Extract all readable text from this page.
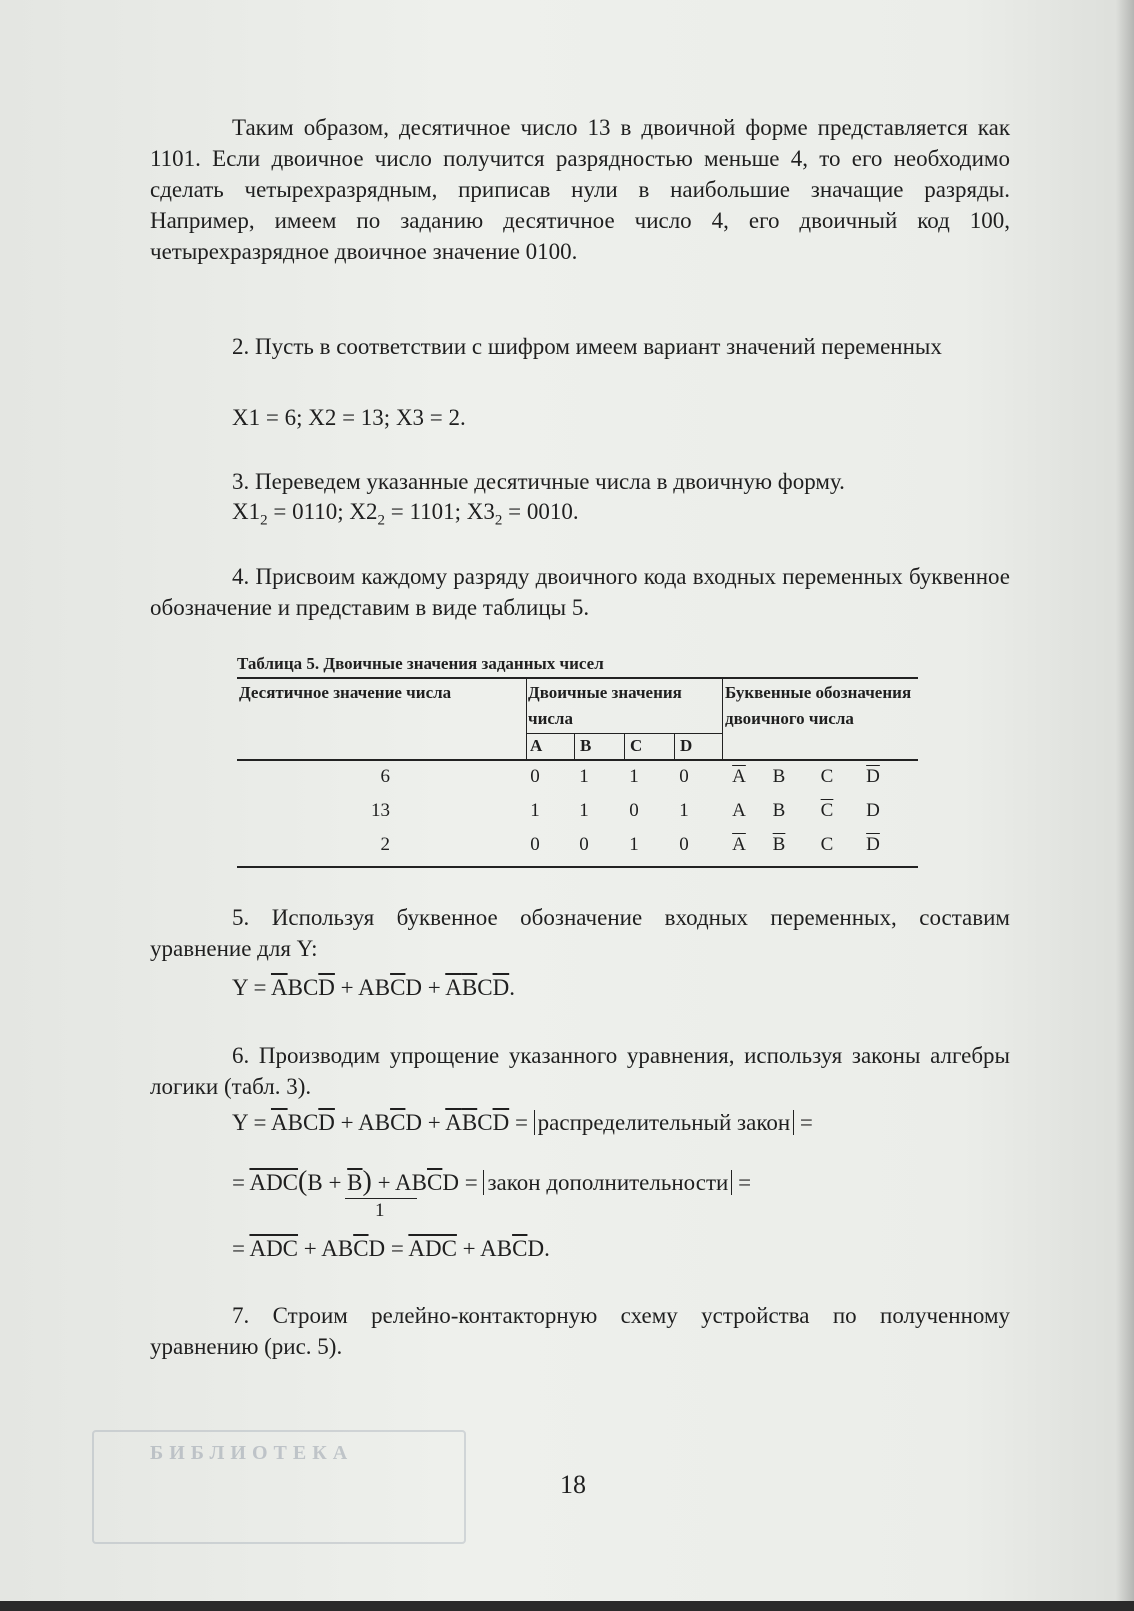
Таким образом, десятичное число 13 в двоичной форме представляется как 1101. Если двоичное число получится разрядностью меньше 4, то его необходимо сделать четырехразрядным, приписав нули в наибольшие значащие разряды. Например, имеем по заданию десятичное число 4, его двоичный код 100, четырехразрядное двоичное значение 0100.
2. Пусть в соответствии с шифром имеем вариант значений переменных
X1 = 6; X2 = 13; X3 = 2.
3. Переведем указанные десятичные числа в двоичную форму.
$X1_2 = 0110$; $X2_2 = 1101$; $X3_2 = 0010$.
4. Присвоим каждому разряду двоичного кода входных переменных буквенное обозначение и представим в виде таблицы 5.
Таблица 5. Двоичные значения заданных чисел
Десятичное значение числа	Двоичные значения числа
Буквенные обозначения двоичного числа
A B C D
6	0	1	1	0	$\overline{A}$	B	C	$\overline{D}$
13	1	1	0	1	A	B	$\overline{C}$	D
2	0	0	1	0	$\overline{A}$	$\overline{B}$	C	$\overline{D}$
5. Используя буквенное обозначение входных переменных, составим уравнение для Y:
$Y = \overline{A}BC\overline{D} + AB\overline{C}D + \overline{A}\overline{B}C\overline{D}$.
6. Производим упрощение указанного уравнения, используя законы алгебры логики (табл. 3).
$Y = \overline{A}BC\overline{D} + AB\overline{C}D + \overline{A}\overline{B}C\overline{D}$ = распределительный закон =
= $\overline{ADC}(B + \overline{B}) + AB\overline{C}D$ = закон дополнительности =
1
= $\overline{ADC} + AB\overline{C}D = \overline{ADC} + AB\overline{C}D$.
7. Строим релейно-контакторную схему устройства по полученному уравнению (рис. 5).
БИБЛИОТЕКА
18
